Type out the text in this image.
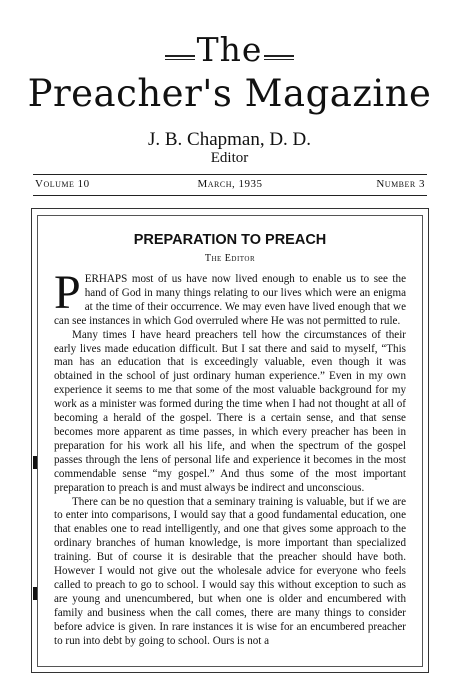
The
Preacher's Magazine
J. B. Chapman, D. D.
Editor
Volume 10	March, 1935	Number 3
PREPARATION TO PREACH
The Editor

PERHAPS most of us have now lived enough to enable us to see the hand of God in many things relating to our lives which were an enigma at the time of their occurrence. We may even have lived enough that we can see instances in which God overruled where He was not permitted to rule.

Many times I have heard preachers tell how the circumstances of their early lives made education difficult. But I sat there and said to myself, “This man has an education that is exceedingly valuable, even though it was obtained in the school of just ordinary human experience.” Even in my own experience it seems to me that some of the most valuable background for my work as a minister was formed during the time when I had not thought at all of becoming a herald of the gospel. There is a certain sense, and that sense becomes more apparent as time passes, in which every preacher has been in preparation for his work all his life, and when the spectrum of the gospel passes through the lens of personal life and experience it becomes in the most commendable sense “my gospel.” And thus some of the most important preparation to preach is and must always be indirect and unconscious.

There can be no question that a seminary training is valuable, but if we are to enter into comparisons, I would say that a good fundamental education, one that enables one to read intelligently, and one that gives some approach to the ordinary branches of human knowledge, is more important than specialized training. But of course it is desirable that the preacher should have both. However I would not give out the wholesale advice for everyone who feels called to preach to go to school. I would say this without exception to such as are young and unencumbered, but when one is older and encumbered with family and business when the call comes, there are many things to consider before advice is given. In rare instances it is wise for an encumbered preacher to run into debt by going to school. Ours is not a
